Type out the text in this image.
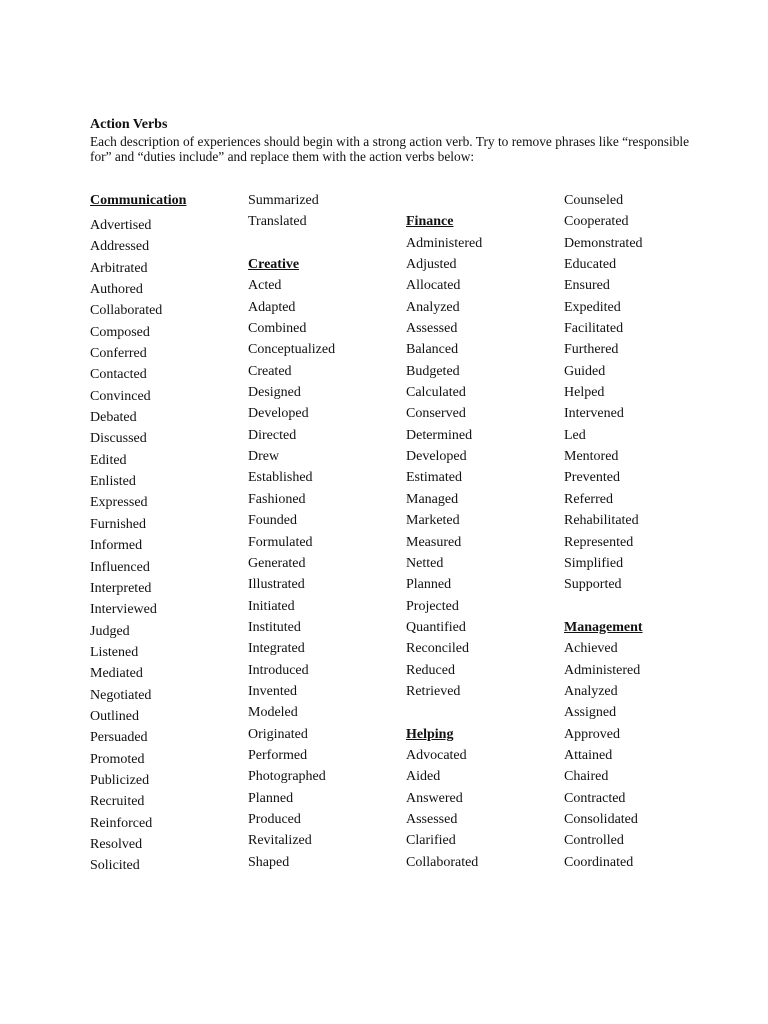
Action Verbs
Each description of experiences should begin with a strong action verb. Try to remove phrases like “responsible for” and “duties include” and replace them with the action verbs below:
Communication
Advertised
Addressed
Arbitrated
Authored
Collaborated
Composed
Conferred
Contacted
Convinced
Debated
Discussed
Edited
Enlisted
Expressed
Furnished
Informed
Influenced
Interpreted
Interviewed
Judged
Listened
Mediated
Negotiated
Outlined
Persuaded
Promoted
Publicized
Recruited
Reinforced
Resolved
Solicited
Summarized
Translated
Creative
Acted
Adapted
Combined
Conceptualized
Created
Designed
Developed
Directed
Drew
Established
Fashioned
Founded
Formulated
Generated
Illustrated
Initiated
Instituted
Integrated
Introduced
Invented
Modeled
Originated
Performed
Photographed
Planned
Produced
Revitalized
Shaped
Finance
Administered
Adjusted
Allocated
Analyzed
Assessed
Balanced
Budgeted
Calculated
Conserved
Determined
Developed
Estimated
Managed
Marketed
Measured
Netted
Planned
Projected
Quantified
Reconciled
Reduced
Retrieved
Helping
Advocated
Aided
Answered
Assessed
Clarified
Collaborated
Counseled
Cooperated
Demonstrated
Educated
Ensured
Expedited
Facilitated
Furthered
Guided
Helped
Intervened
Led
Mentored
Prevented
Referred
Rehabilitated
Represented
Simplified
Supported
Management
Achieved
Administered
Analyzed
Assigned
Approved
Attained
Chaired
Contracted
Consolidated
Controlled
Coordinated
